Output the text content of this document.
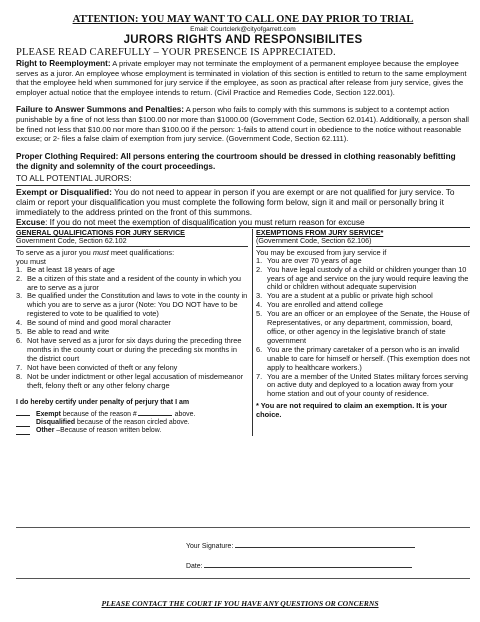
ATTENTION: YOU MAY WANT TO CALL ONE DAY PRIOR TO TRIAL
Email: Courtclerk@cityofgarrett.com
JURORS RIGHTS AND RESPONSIBILITES
PLEASE READ CAREFULLY – YOUR PRESENCE IS APPRECIATED.
Right to Reemployment: A private employer may not terminate the employment of a permanent employee because the employee serves as a juror. An employee whose employment is terminated in violation of this section is entitled to return to the same employment that the employee held when summoned for jury service if the employee, as soon as practical after release from jury service, gives the employer actual notice that the employee intends to return. (Civil Practice and Remedies Code, Section 122.001).
Failure to Answer Summons and Penalties: A person who fails to comply with this summons is subject to a contempt action punishable by a fine of not less than $100.00 nor more than $1000.00 (Government Code, Section 62.0141). Additionally, a person shall be fined not less that $10.00 nor more than $100.00 if the person: 1-fails to attend court in obedience to the notice without reasonable excuse; or 2- files a false claim of exemption from jury service. (Government Code, Section 62.111).
Proper Clothing Required: All persons entering the courtroom should be dressed in clothing reasonably befitting the dignity and solemnity of the court proceedings.
TO ALL POTENTIAL JURORS:
Exempt or Disqualified: You do not need to appear in person if you are exempt or are not qualified for jury service. To claim or report your disqualification you must complete the following form below, sign it and mail or personally bring it immediately to the address printed on the front of this summons.
Excuse: If you do not meet the exemption of disqualification you must return reason for excuse
GENERAL QUALIFICATIONS FOR JURY SERVICE
Government Code, Section 62.102
To serve as a juror you must meet qualifications:
you must
1. Be at least 18 years of age
2. Be a citizen of this state and a resident of the county in which you are to serve as a juror
3. Be qualified under the Constitution and laws to vote in the county in which you are to serve as a juror (Note: You DO NOT have to be registered to vote to be qualified to vote)
4. Be sound of mind and good moral character
5. Be able to read and write
6. Not have served as a juror for six days during the preceding three months in the county court or during the preceding six months in the district court
7. Not have been convicted of theft or any felony
8. Not be under indictment or other legal accusation of misdemeanor theft, felony theft or any other felony charge
I do hereby certify under penalty of perjury that I am
Exempt because of the reason #	above.
Disqualified because of the reason circled above.
Other –Because of reason written below.
EXEMPTIONS FROM JURY SERVICE*
(Government Code, Section 62.106)
You may be excused from jury service if
1. You are over 70 years of age
2. You have legal custody of a child or children younger than 10 years of age and service on the jury would require leaving the child or children without adequate supervision
3. You are a student at a public or private high school
4. You are enrolled and attend college
5. You are an officer or an employee of the Senate, the House of Representatives, or any department, commission, board, office, or other agency in the legislative branch of state government
6. You are the primary caretaker of a person who is an invalid unable to care for himself or herself. (This exemption does not apply to healthcare workers.)
7. You are a member of the United States military forces serving on active duty and deployed to a location away from your home station and out of your county of residence.
* You are not required to claim an exemption. It is your choice.
Your Signature:
Date:
PLEASE CONTACT THE COURT IF YOU HAVE ANY QUESTIONS OR CONCERNS
